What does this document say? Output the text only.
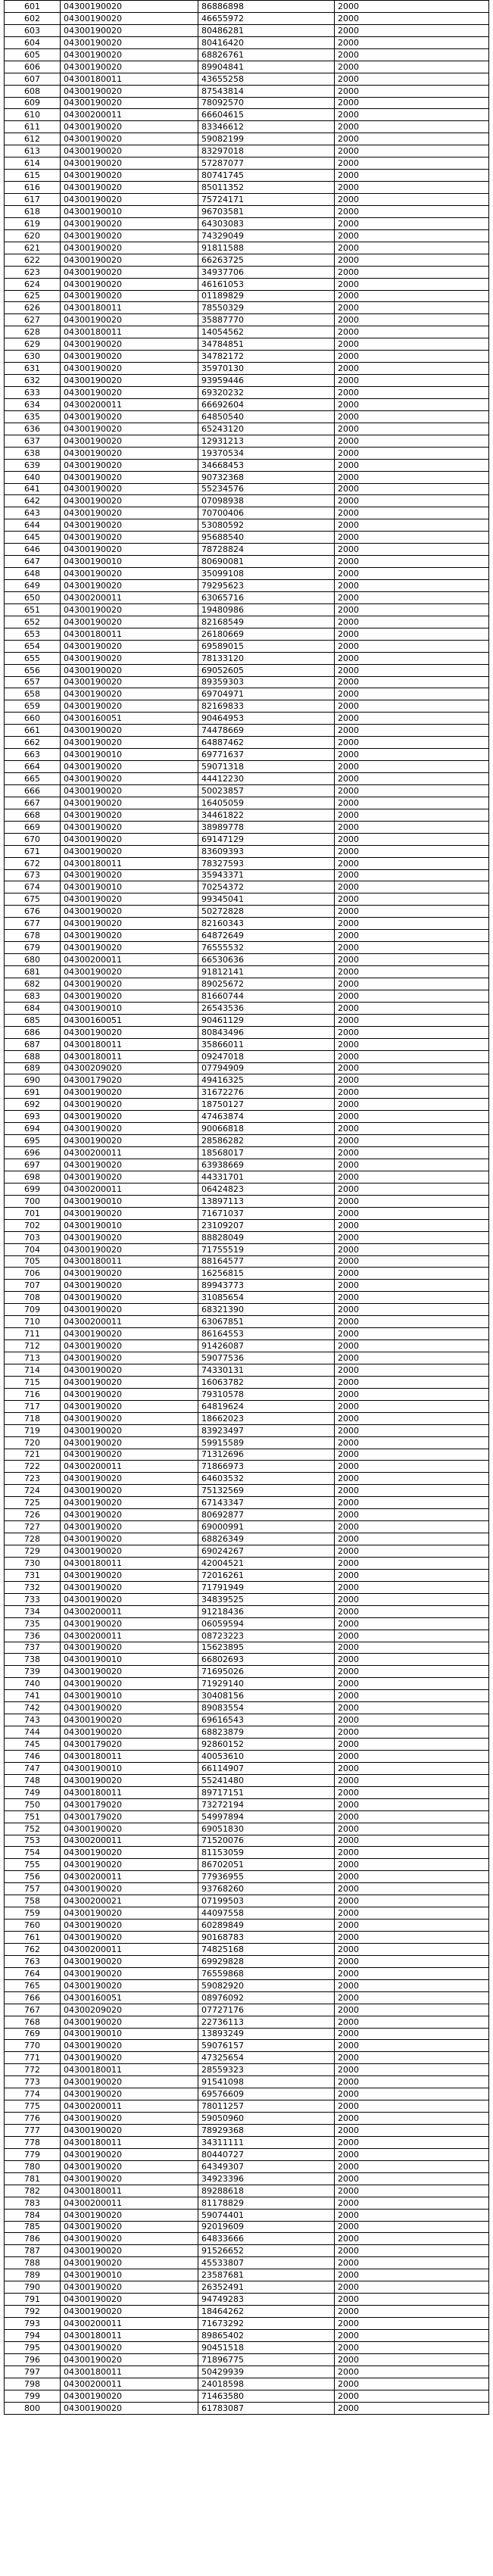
601	04300190020	86886898	2000
602	04300190020	46655972	2000
603	04300190020	80486281	2000
604	04300190020	80416420	2000
605	04300190020	68826761	2000
606	04300190020	89904841	2000
607	04300180011	43655258	2000
608	04300190020	87543814	2000
609	04300190020	78092570	2000
610	04300200011	66604615	2000
611	04300190020	83346612	2000
612	04300190020	59082199	2000
613	04300190020	83297018	2000
614	04300190020	57287077	2000
615	04300190020	80741745	2000
616	04300190020	85011352	2000
617	04300190020	75724171	2000
618	04300190010	96703581	2000
619	04300190020	64303083	2000
620	04300190020	74329049	2000
621	04300190020	91811588	2000
622	04300190020	66263725	2000
623	04300190020	34937706	2000
624	04300190020	46161053	2000
625	04300190020	01189829	2000
626	04300180011	78550329	2000
627	04300190020	35887770	2000
628	04300180011	14054562	2000
629	04300190020	34784851	2000
630	04300190020	34782172	2000
631	04300190020	35970130	2000
632	04300190020	93959446	2000
633	04300190020	69320232	2000
634	04300200011	66692604	2000
635	04300190020	64850540	2000
636	04300190020	65243120	2000
637	04300190020	12931213	2000
638	04300190020	19370534	2000
639	04300190020	34668453	2000
640	04300190020	90732368	2000
641	04300190020	55234576	2000
642	04300190020	07098938	2000
643	04300190020	70700406	2000
644	04300190020	53080592	2000
645	04300190020	95688540	2000
646	04300190020	78728824	2000
647	04300190010	80690081	2000
648	04300190020	35099108	2000
649	04300190020	79295623	2000
650	04300200011	63065716	2000
651	04300190020	19480986	2000
652	04300190020	82168549	2000
653	04300180011	26180669	2000
654	04300190020	69589015	2000
655	04300190020	78133120	2000
656	04300190020	69052605	2000
657	04300190020	89359303	2000
658	04300190020	69704971	2000
659	04300190020	82169833	2000
660	04300160051	90464953	2000
661	04300190020	74478669	2000
662	04300190020	64887462	2000
663	04300190010	69771637	2000
664	04300190020	59071318	2000
665	04300190020	44412230	2000
666	04300190020	50023857	2000
667	04300190020	16405059	2000
668	04300190020	34461822	2000
669	04300190020	38989778	2000
670	04300190020	69147129	2000
671	04300190020	83609393	2000
672	04300180011	78327593	2000
673	04300190020	35943371	2000
674	04300190010	70254372	2000
675	04300190020	99345041	2000
676	04300190020	50272828	2000
677	04300190020	82160343	2000
678	04300190020	64872649	2000
679	04300190020	76555532	2000
680	04300200011	66530636	2000
681	04300190020	91812141	2000
682	04300190020	89025672	2000
683	04300190020	81660744	2000
684	04300190010	26543536	2000
685	04300160051	90461129	2000
686	04300190020	80843496	2000
687	04300180011	35866011	2000
688	04300180011	09247018	2000
689	04300209020	07794909	2000
690	04300179020	49416325	2000
691	04300190020	31672276	2000
692	04300190020	18750127	2000
693	04300190020	47463874	2000
694	04300190020	90066818	2000
695	04300190020	28586282	2000
696	04300200011	18568017	2000
697	04300190020	63938669	2000
698	04300190020	44331701	2000
699	04300200011	06424823	2000
700	04300190010	13897113	2000
701	04300190020	71671037	2000
702	04300190010	23109207	2000
703	04300190020	88828049	2000
704	04300190020	71755519	2000
705	04300180011	88164577	2000
706	04300190020	16256815	2000
707	04300190020	89943773	2000
708	04300190020	31085654	2000
709	04300190020	68321390	2000
710	04300200011	63067851	2000
711	04300190020	86164553	2000
712	04300190020	91426087	2000
713	04300190020	59077536	2000
714	04300190020	74330131	2000
715	04300190020	16063782	2000
716	04300190020	79310578	2000
717	04300190020	64819624	2000
718	04300190020	18662023	2000
719	04300190020	83923497	2000
720	04300190020	59915589	2000
721	04300190020	71312696	2000
722	04300200011	71866973	2000
723	04300190020	64603532	2000
724	04300190020	75132569	2000
725	04300190020	67143347	2000
726	04300190020	80692877	2000
727	04300190020	69000991	2000
728	04300190020	68826349	2000
729	04300190020	69024267	2000
730	04300180011	42004521	2000
731	04300190020	72016261	2000
732	04300190020	71791949	2000
733	04300190020	34839525	2000
734	04300200011	91218436	2000
735	04300190020	06059594	2000
736	04300200011	08723223	2000
737	04300190020	15623895	2000
738	04300190010	66802693	2000
739	04300190020	71695026	2000
740	04300190020	71929140	2000
741	04300190010	30408156	2000
742	04300190020	89083554	2000
743	04300190020	69616543	2000
744	04300190020	68823879	2000
745	04300179020	92860152	2000
746	04300180011	40053610	2000
747	04300190010	66114907	2000
748	04300190020	55241480	2000
749	04300180011	89717151	2000
750	04300179020	73272194	2000
751	04300179020	54997894	2000
752	04300190020	69051830	2000
753	04300200011	71520076	2000
754	04300190020	81153059	2000
755	04300190020	86702051	2000
756	04300200011	77936955	2000
757	04300190020	93768260	2000
758	04300200021	07199503	2000
759	04300190020	44097558	2000
760	04300190020	60289849	2000
761	04300190020	90168783	2000
762	04300200011	74825168	2000
763	04300190020	69929828	2000
764	04300190020	76559868	2000
765	04300190020	59082920	2000
766	04300160051	08976092	2000
767	04300209020	07727176	2000
768	04300190020	22736113	2000
769	04300190010	13893249	2000
770	04300190020	59076157	2000
771	04300190020	47325654	2000
772	04300180011	28559323	2000
773	04300190020	91541098	2000
774	04300190020	69576609	2000
775	04300200011	78011257	2000
776	04300190020	59050960	2000
777	04300190020	78929368	2000
778	04300180011	34311111	2000
779	04300190020	80440727	2000
780	04300190020	64349307	2000
781	04300190020	34923396	2000
782	04300180011	89288618	2000
783	04300200011	81178829	2000
784	04300190020	59074401	2000
785	04300190020	92019609	2000
786	04300190020	64833666	2000
787	04300190020	91526652	2000
788	04300190020	45533807	2000
789	04300190010	23587681	2000
790	04300190020	26352491	2000
791	04300190020	94749283	2000
792	04300190020	18464262	2000
793	04300200011	71673292	2000
794	04300180011	89865402	2000
795	04300190020	90451518	2000
796	04300190020	71896775	2000
797	04300180011	50429939	2000
798	04300200011	24018598	2000
799	04300190020	71463580	2000
800	04300190020	61783087	2000
